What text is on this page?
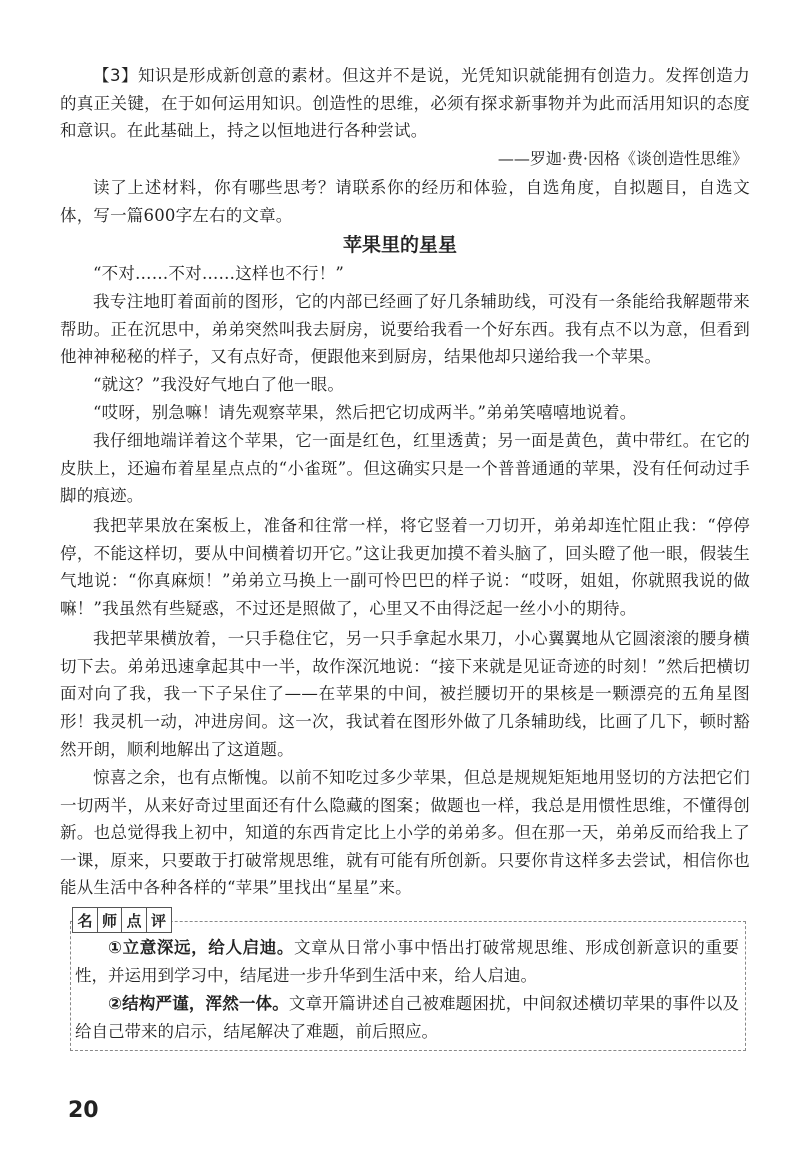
【3】知识是形成新创意的素材。但这并不是说，光凭知识就能拥有创造力。发挥创造力的真正关键，在于如何运用知识。创造性的思维，必须有探求新事物并为此而活用知识的态度和意识。在此基础上，持之以恒地进行各种尝试。

——罗迦·费·因格《谈创造性思维》

读了上述材料，你有哪些思考？请联系你的经历和体验，自选角度，自拟题目，自选文体，写一篇600字左右的文章。

苹果里的星星

“不对……不对……这样也不行！”

我专注地盯着面前的图形，它的内部已经画了好几条辅助线，可没有一条能给我解题带来帮助。正在沉思中，弟弟突然叫我去厨房，说要给我看一个好东西。我有点不以为意，但看到他神神秘秘的样子，又有点好奇，便跟他来到厨房，结果他却只递给我一个苹果。

“就这？”我没好气地白了他一眼。

“哎呀，别急嘛！请先观察苹果，然后把它切成两半。”弟弟笑嘻嘻地说着。

我仔细地端详着这个苹果，它一面是红色，红里透黄；另一面是黄色，黄中带红。在它的皮肤上，还遍布着星星点点的“小雀斑”。但这确实只是一个普普通通的苹果，没有任何动过手脚的痕迹。

我把苹果放在案板上，准备和往常一样，将它竖着一刀切开，弟弟却连忙阻止我：“停停停，不能这样切，要从中间横着切开它。”这让我更加摸不着头脑了，回头瞪了他一眼，假装生气地说：“你真麻烦！”弟弟立马换上一副可怜巴巴的样子说：“哎呀，姐姐，你就照我说的做嘛！”我虽然有些疑惑，不过还是照做了，心里又不由得泛起一丝小小的期待。

我把苹果横放着，一只手稳住它，另一只手拿起水果刀，小心翼翼地从它圆滚滚的腰身横切下去。弟弟迅速拿起其中一半，故作深沉地说：“接下来就是见证奇迹的时刻！”然后把横切面对向了我，我一下子呆住了——在苹果的中间，被拦腰切开的果核是一颗漂亮的五角星图形！ 我灵机一动，冲进房间。这一次，我试着在图形外做了几条辅助线，比画了几下，顿时豁然开朗，顺利地解出了这道题。

惊喜之余，也有点惭愧。以前不知吃过多少苹果，但总是规规矩矩地用竖切的方法把它们一切两半，从来好奇过里面还有什么隐藏的图案；做题也一样，我总是用惯性思维，不懂得创新。也总觉得我上初中，知道的东西肯定比上小学的弟弟多。但在那一天，弟弟反而给我上了一课，原来，只要敢于打破常规思维，就有可能有所创新。只要你肯这样多去尝试，相信你也能从生活中各种各样的“苹果”里找出“星星”来。

名 师 点 评

①立意深远，给人启迪。文章从日常小事中悟出打破常规思维、形成创新意识的重要性，并运用到学习中，结尾进一步升华到生活中来，给人启迪。

②结构严谨，浑然一体。文章开篇讲述自己被难题困扰，中间叙述横切苹果的事件以及给自己带来的启示，结尾解决了难题，前后照应。

20
